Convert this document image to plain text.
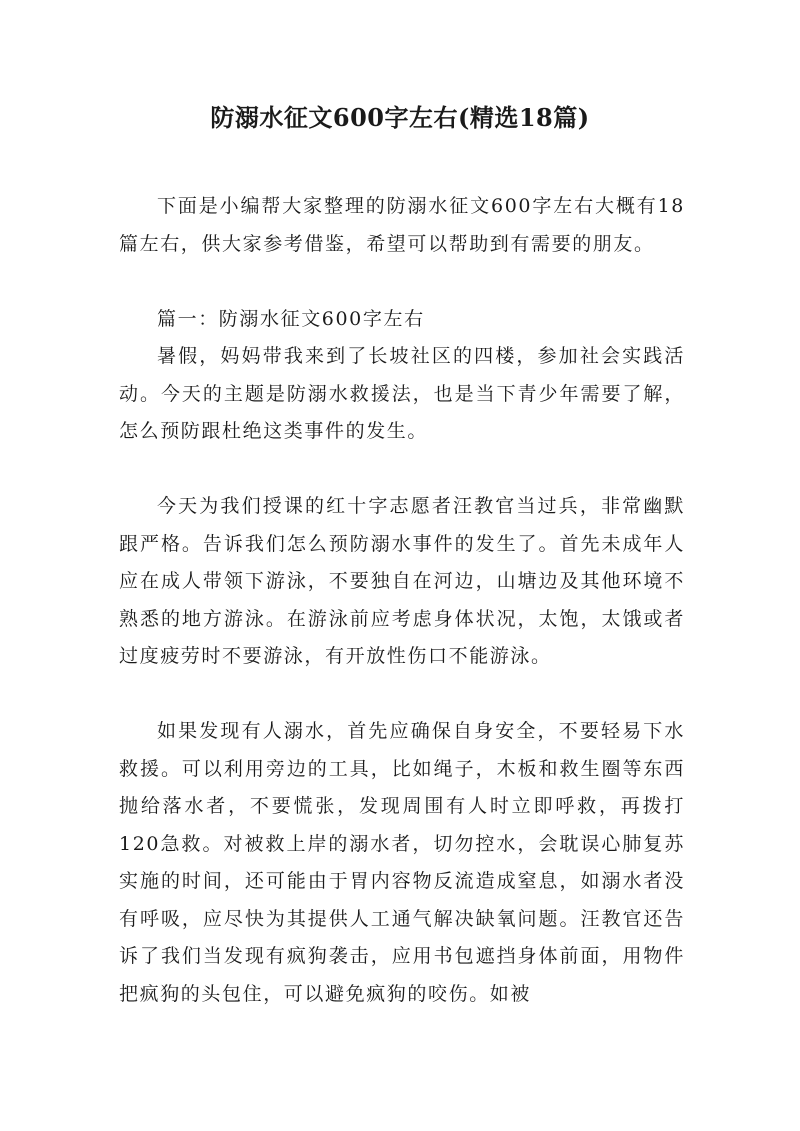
防溺水征文600字左右(精选18篇)

下面是小编帮大家整理的防溺水征文600字左右大概有18篇左右，供大家参考借鉴，希望可以帮助到有需要的朋友。

篇一：防溺水征文600字左右

暑假，妈妈带我来到了长坡社区的四楼，参加社会实践活动。今天的主题是防溺水救援法，也是当下青少年需要了解，怎么预防跟杜绝这类事件的发生。

今天为我们授课的红十字志愿者汪教官当过兵，非常幽默跟严格。告诉我们怎么预防溺水事件的发生了。首先未成年人应在成人带领下游泳，不要独自在河边，山塘边及其他环境不熟悉的地方游泳。在游泳前应考虑身体状况，太饱，太饿或者过度疲劳时不要游泳，有开放性伤口不能游泳。

如果发现有人溺水，首先应确保自身安全，不要轻易下水救援。可以利用旁边的工具，比如绳子，木板和救生圈等东西抛给落水者，不要慌张，发现周围有人时立即呼救，再拨打120急救。对被救上岸的溺水者，切勿控水，会耽误心肺复苏实施的时间，还可能由于胃内容物反流造成窒息，如溺水者没有呼吸，应尽快为其提供人工通气解决缺氧问题。汪教官还告诉了我们当发现有疯狗袭击，应用书包遮挡身体前面，用物件把疯狗的头包住，可以避免疯狗的咬伤。如被
